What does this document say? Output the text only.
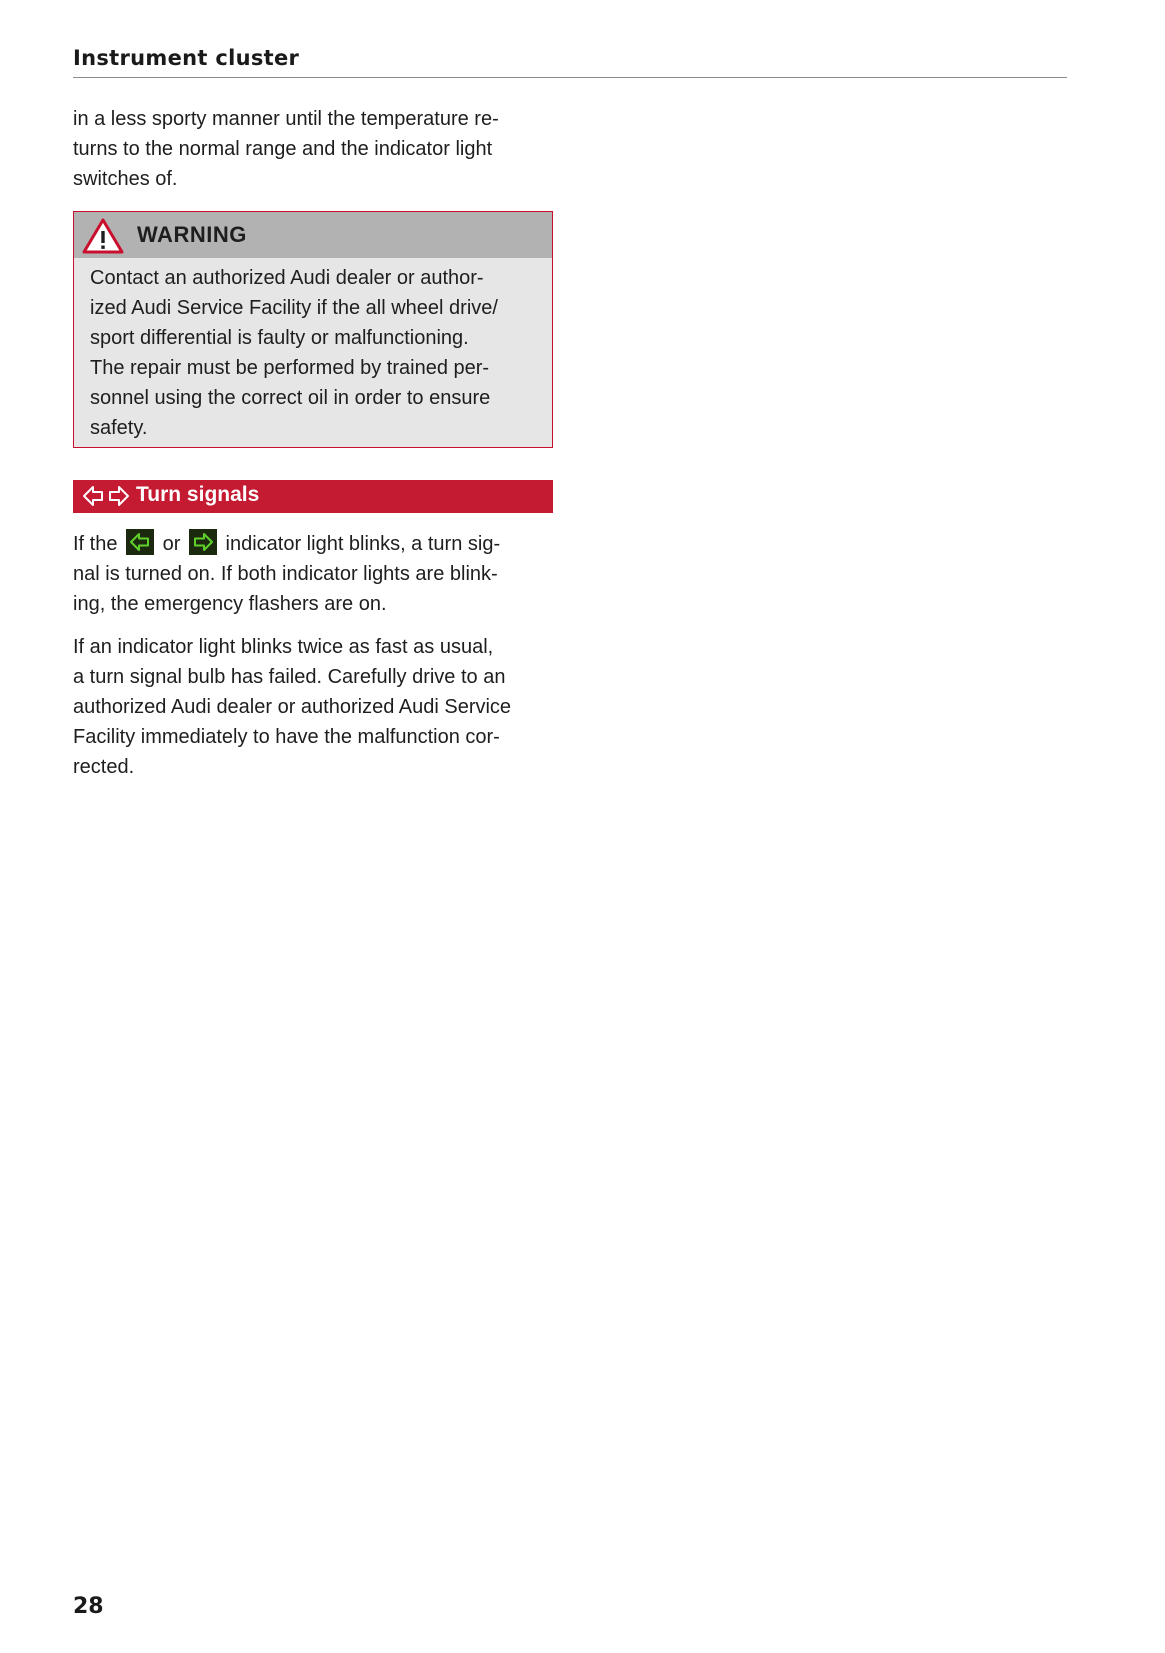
Instrument cluster

in a less sporty manner until the temperature re-
turns to the normal range and the indicator light
switches of.

WARNING
Contact an authorized Audi dealer or author-
ized Audi Service Facility if the all wheel drive/
sport differential is faulty or malfunctioning.
The repair must be performed by trained per-
sonnel using the correct oil in order to ensure
safety.
Turn signals

If the or indicator light blinks, a turn sig-
nal is turned on. If both indicator lights are blink-
ing, the emergency flashers are on.

If an indicator light blinks twice as fast as usual,
a turn signal bulb has failed. Carefully drive to an
authorized Audi dealer or authorized Audi Service
Facility immediately to have the malfunction cor-
rected.

28
